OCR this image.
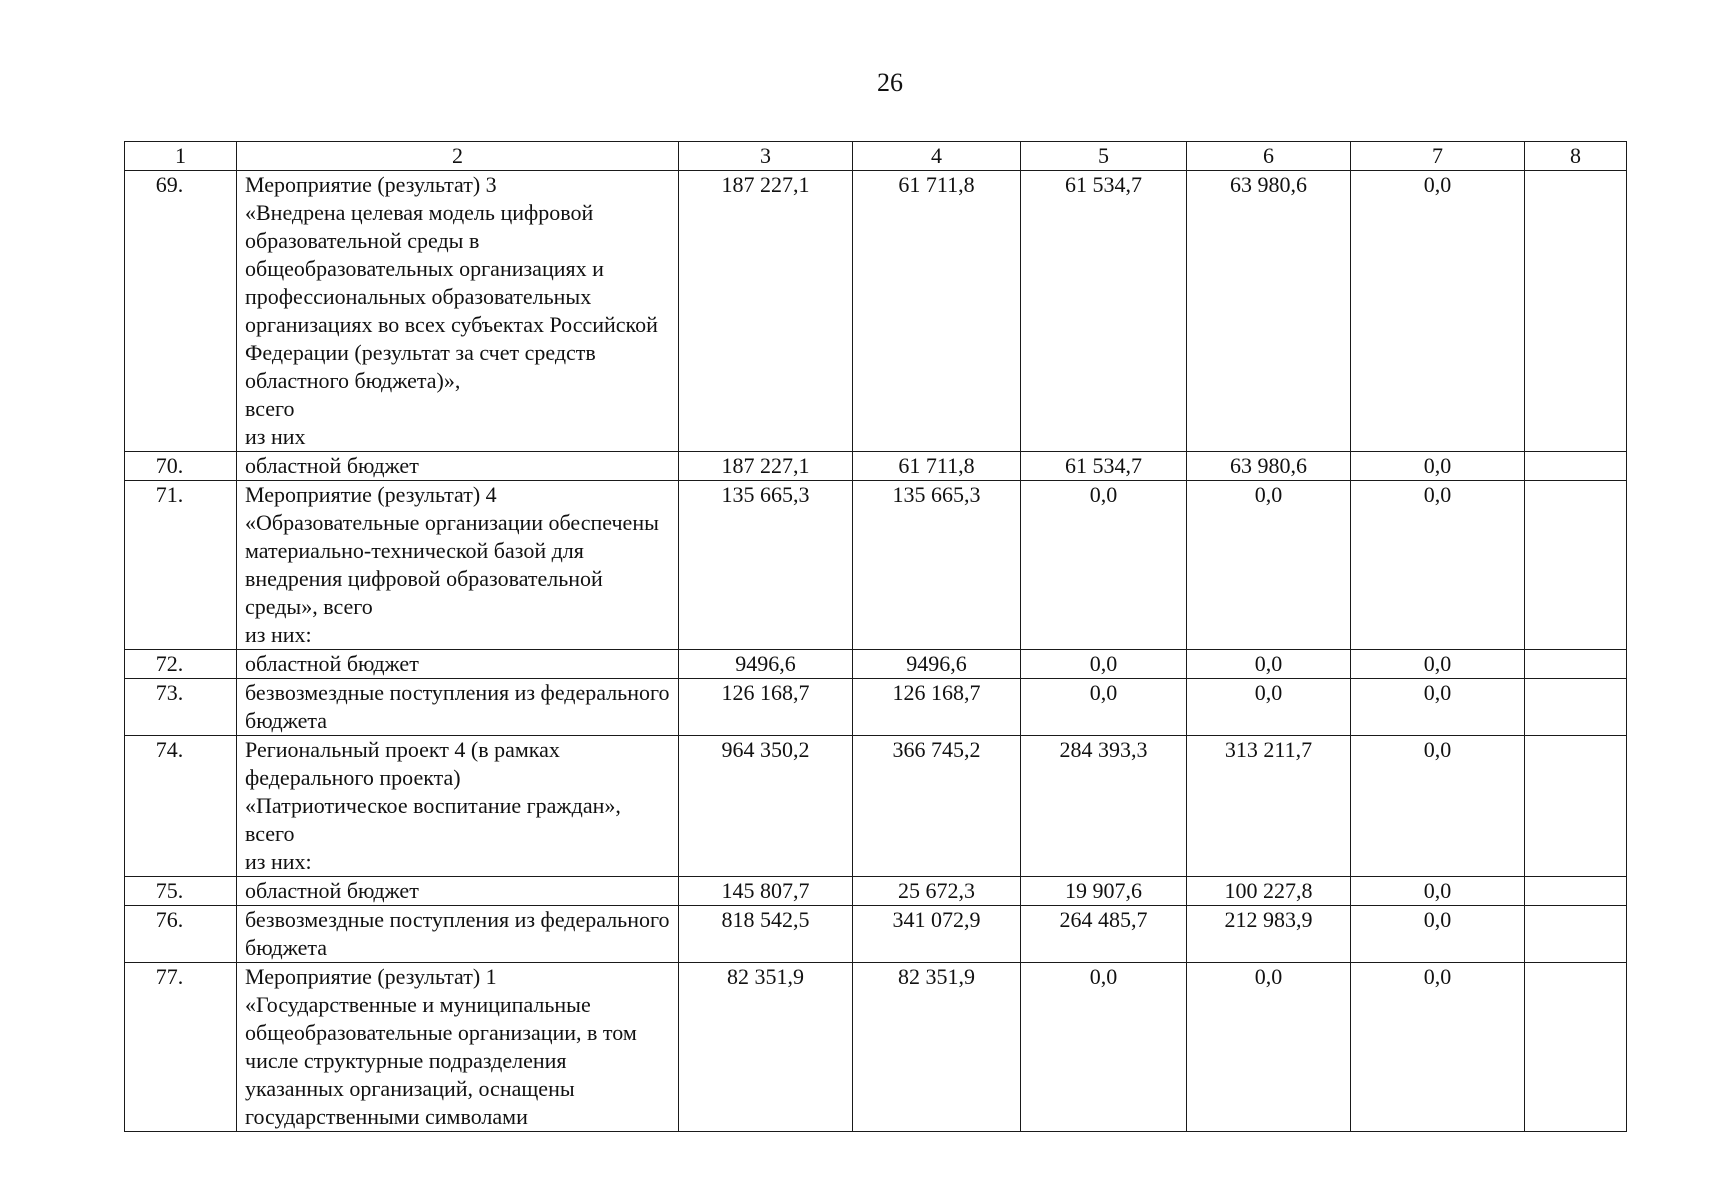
26
1	2	3	4	5	6	7	8
69.	Мероприятие (результат) 3
«Внедрена целевая модель цифровой образовательной среды в общеобразовательных организациях и профессиональных образовательных организациях во всех субъектах Российской Федерации (результат за счет средств областного бюджета)»,
всего
из них	187 227,1	61 711,8	61 534,7	63 980,6	0,0	
70.	областной бюджет	187 227,1	61 711,8	61 534,7	63 980,6	0,0	
71.	Мероприятие (результат) 4
«Образовательные организации обеспечены материально-технической базой для внедрения цифровой образовательной среды», всего
из них:	135 665,3	135 665,3	0,0	0,0	0,0	
72.	областной бюджет	9496,6	9496,6	0,0	0,0	0,0	
73.	безвозмездные поступления из федерального бюджета	126 168,7	126 168,7	0,0	0,0	0,0	
74.	Региональный проект 4 (в рамках федерального проекта)
«Патриотическое воспитание граждан», всего
из них:	964 350,2	366 745,2	284 393,3	313 211,7	0,0	
75.	областной бюджет	145 807,7	25 672,3	19 907,6	100 227,8	0,0	
76.	безвозмездные поступления из федерального бюджета	818 542,5	341 072,9	264 485,7	212 983,9	0,0	
77.	Мероприятие (результат) 1
«Государственные и муниципальные общеобразовательные организации, в том числе структурные подразделения указанных организаций, оснащены государственными символами	82 351,9	82 351,9	0,0	0,0	0,0	
